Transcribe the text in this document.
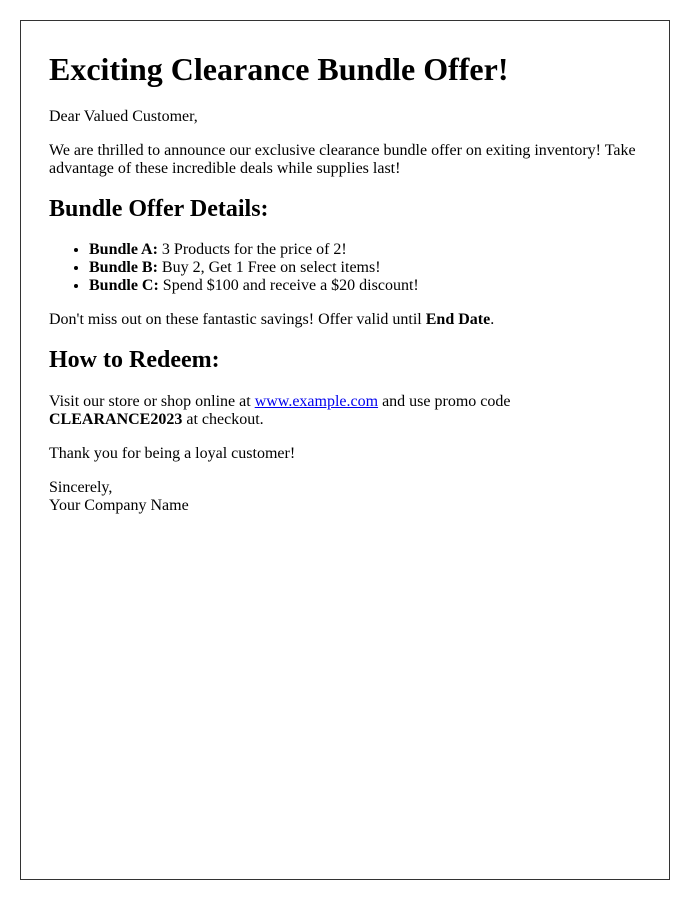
Exciting Clearance Bundle Offer!

Dear Valued Customer,

We are thrilled to announce our exclusive clearance bundle offer on exiting inventory! Take advantage of these incredible deals while supplies last!

Bundle Offer Details:
• Bundle A: 3 Products for the price of 2!
• Bundle B: Buy 2, Get 1 Free on select items!
• Bundle C: Spend $100 and receive a $20 discount!

Don't miss out on these fantastic savings! Offer valid until End Date.

How to Redeem:

Visit our store or shop online at www.example.com and use promo code
CLEARANCE2023 at checkout.

Thank you for being a loyal customer!

Sincerely,
Your Company Name
